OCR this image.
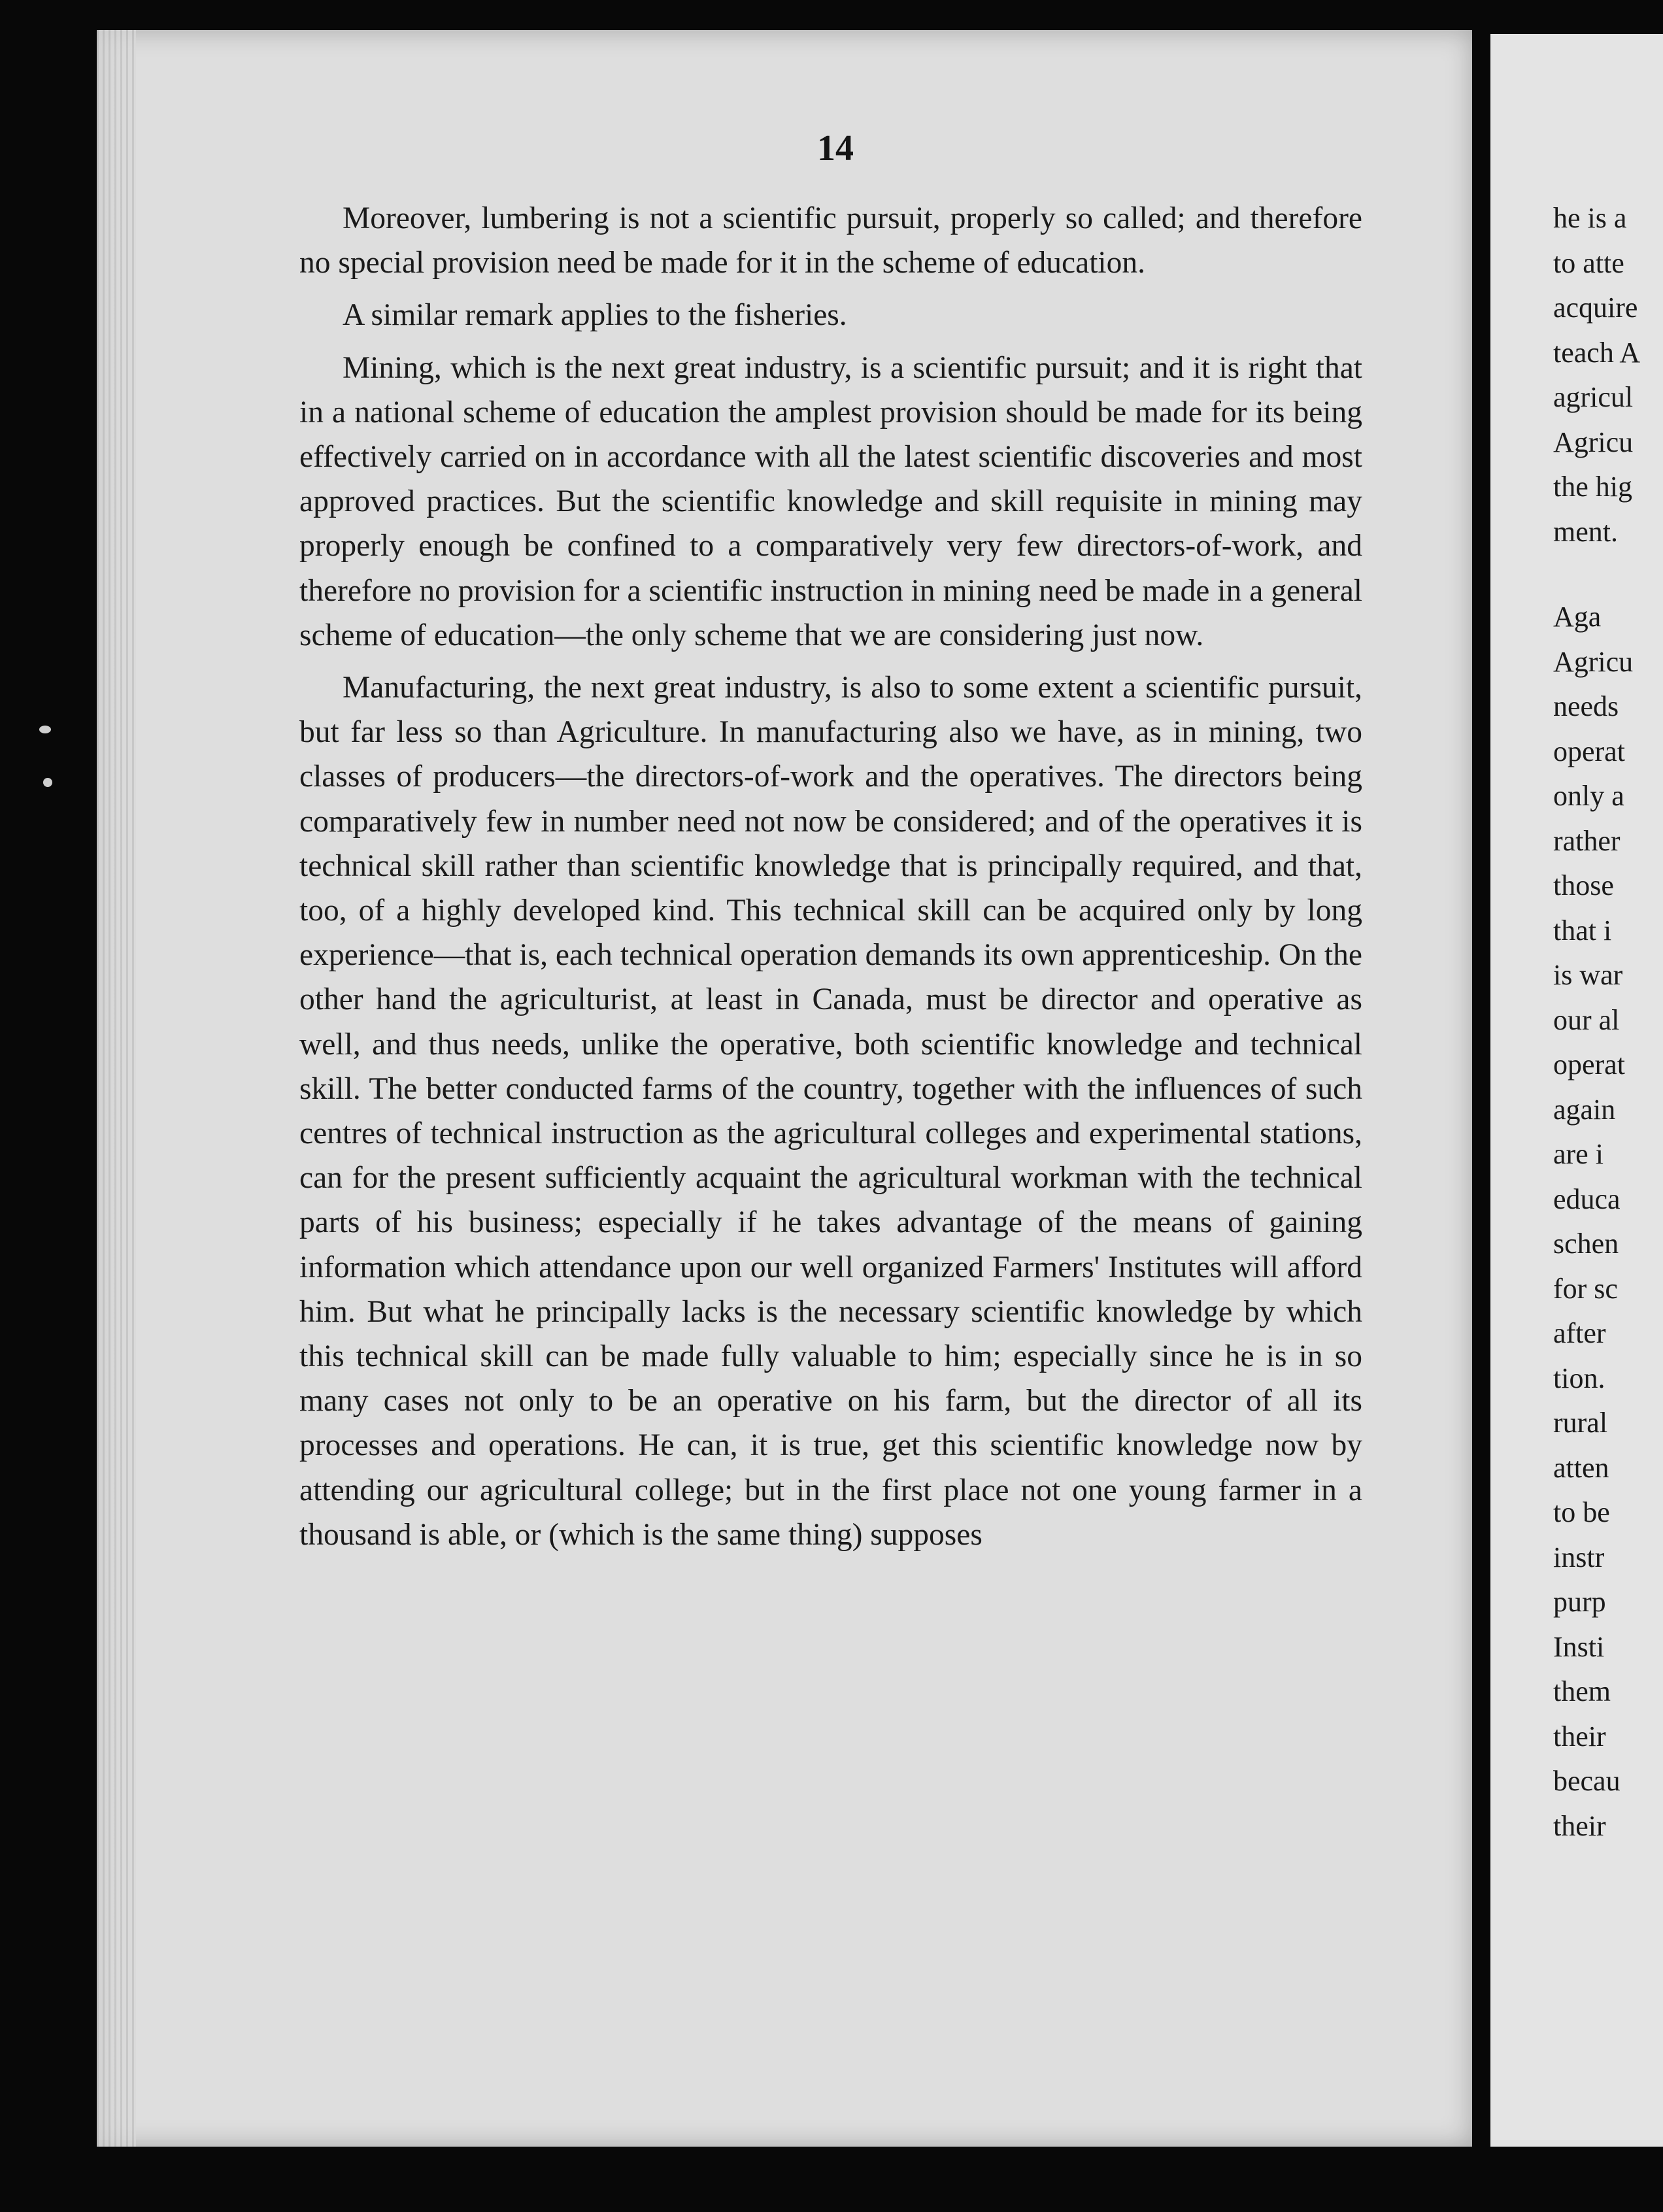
14

Moreover, lumbering is not a scientific pursuit, properly so called; and therefore no special provision need be made for it in the scheme of education.

A similar remark applies to the fisheries.

Mining, which is the next great industry, is a scientific pursuit; and it is right that in a national scheme of education the amplest provision should be made for its being effectively carried on in accordance with all the latest scientific discoveries and most approved practices. But the scientific knowledge and skill requisite in mining may properly enough be confined to a comparatively very few directors-of-work, and therefore no provision for a scientific instruction in mining need be made in a general scheme of education—the only scheme that we are considering just now.

Manufacturing, the next great industry, is also to some extent a scientific pursuit, but far less so than Agriculture. In manufacturing also we have, as in mining, two classes of producers—the directors-of-work and the operatives. The directors being comparatively few in number need not now be considered; and of the operatives it is technical skill rather than scientific knowledge that is principally required, and that, too, of a highly developed kind. This technical skill can be acquired only by long experience—that is, each technical operation demands its own apprenticeship. On the other hand the agriculturist, at least in Canada, must be director and operative as well, and thus needs, unlike the operative, both scientific knowledge and technical skill. The better conducted farms of the country, together with the influences of such centres of technical instruction as the agricultural colleges and experimental stations, can for the present sufficiently acquaint the agricultural workman with the technical parts of his business; especially if he takes advantage of the means of gaining information which attendance upon our well organized Farmers' Institutes will afford him. But what he principally lacks is the necessary scientific knowledge by which this technical skill can be made fully valuable to him; especially since he is in so many cases not only to be an operative on his farm, but the director of all its processes and operations. He can, it is true, get this scientific knowledge now by attending our agricultural college; but in the first place not one young farmer in a thousand is able, or (which is the same thing) supposes

he is a
to atte
acquire
teach A
agricul
Agricu
the hig
ment.
Aga
Agricu
needs
operat
only a
rather
those
that i
is war
our al
operat
again
are i
educa
schen
for sc
after
tion.
rural
atten
to be
instr
purp
Insti
them
their
becau
their
